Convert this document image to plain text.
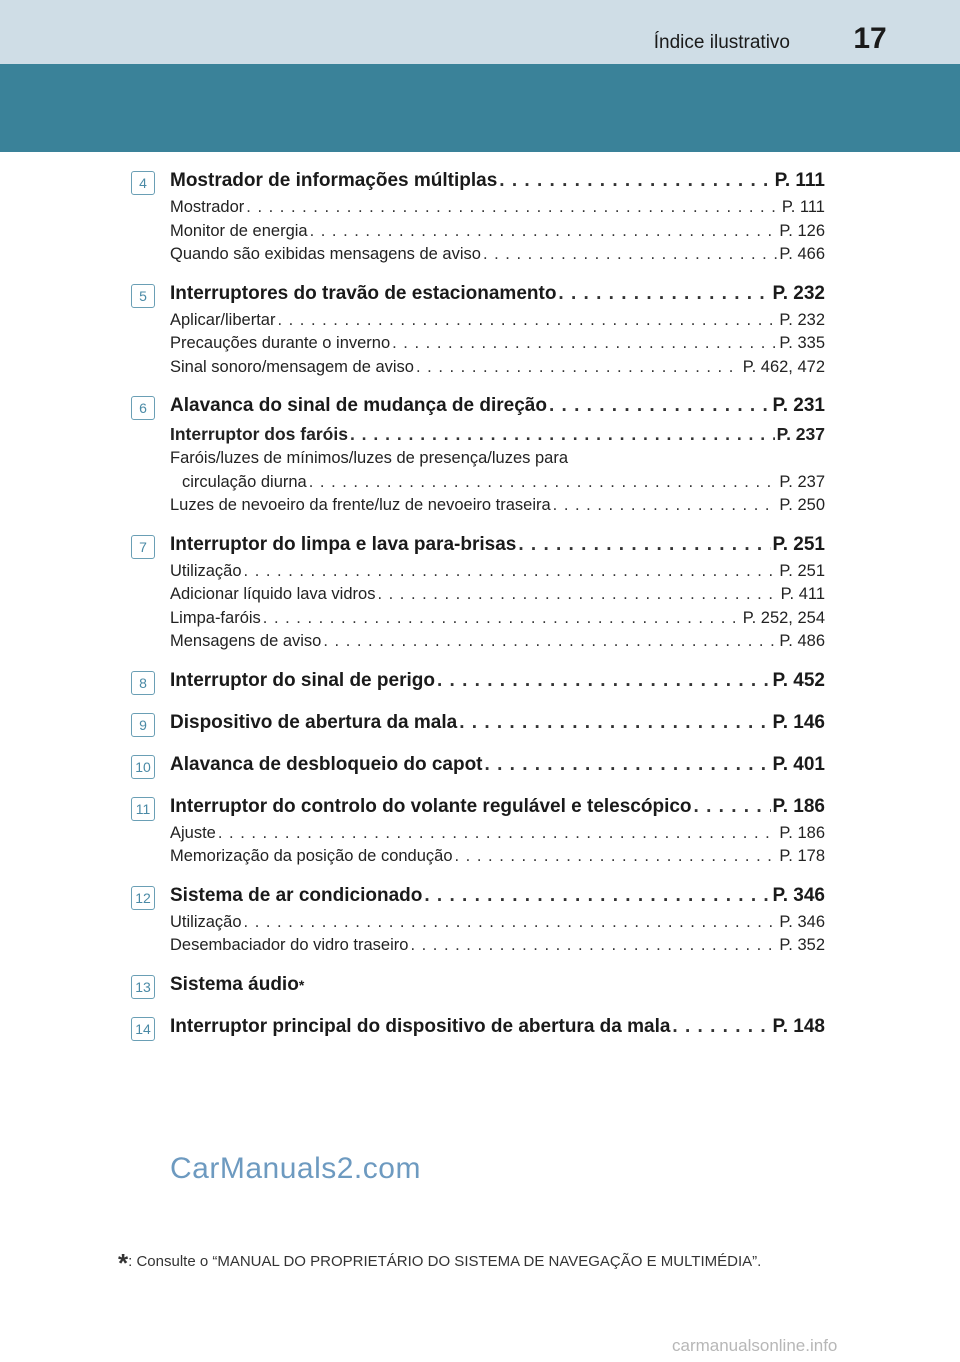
Índice ilustrativo	17
4	Mostrador de informações múltiplas . . .	P. 111
Mostrador . . .	P. 111
Monitor de energia . . .	P. 126
Quando são exibidas mensagens de aviso . . .	P. 466
5	Interruptores do travão de estacionamento . . .	P. 232
Aplicar/libertar . . .	P. 232
Precauções durante o inverno . . .	P. 335
Sinal sonoro/mensagem de aviso . . .	P. 462, 472
6	Alavanca do sinal de mudança de direção . . .	P. 231
Interruptor dos faróis . . .	P. 237
Faróis/luzes de mínimos/luzes de presença/luzes para
circulação diurna . . .	P. 237
Luzes de nevoeiro da frente/luz de nevoeiro traseira . . .	P. 250
7	Interruptor do limpa e lava para-brisas . . .	P. 251
Utilização . . .	P. 251
Adicionar líquido lava vidros . . .	P. 411
Limpa-faróis . . .	P. 252, 254
Mensagens de aviso . . .	P. 486
8	Interruptor do sinal de perigo . . .	P. 452
9	Dispositivo de abertura da mala . . .	P. 146
10 Alavanca de desbloqueio do capot . . .	P. 401
11 Interruptor do controlo do volante regulável e telescópico . . .	P. 186
Ajuste . . .	P. 186
Memorização da posição de condução . . .	P. 178
12 Sistema de ar condicionado . . .	P. 346
Utilização . . .	P. 346
Desembaciador do vidro traseiro . . .	P. 352
13 Sistema áudio *
14 Interruptor principal do dispositivo de abertura da mala . . .	P. 148
CarManuals2.com
*: Consulte o “MANUAL DO PROPRIETÁRIO DO SISTEMA DE NAVEGAÇÃO E MULTIMÉDIA”.
carmanualsonline.info
